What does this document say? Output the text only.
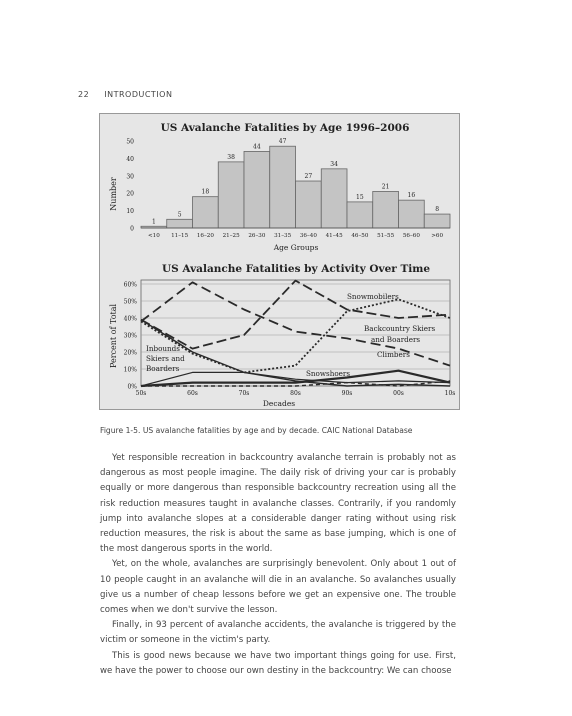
22 INTRODUCTION
US Avalanche Fatalities by Age 1996–2006
Number
Age Groups
0
10
20
30
40
50
1
<10
5
11–15
18
16–20
38
21–25
44
26–30
47
31–35
27
36–40
34
41–45
15
46–50
21
51–55
16
56–60
8
>60
US Avalanche Fatalities by Activity Over Time
Percent of Total
Decades
0%
10%
20%
30%
40%
50%
60%
50s	60s	70s	80s	90s	00s	10s
Snowmobilers
Backcountry Skiers
and Boarders
Climbers
Snowshoers
Inbounds
Skiers and
Boarders
Figure 1-5. US avalanche fatalities by age and by decade. CAIC National Database

Yet responsible recreation in backcountry avalanche terrain is probably not as dangerous as most people imagine. The daily risk of driving your car is probably equally or more dangerous than responsible backcountry recreation using all the risk reduction measures taught in avalanche classes. Contrarily, if you randomly jump into avalanche slopes at a considerable danger rating without using risk reduction measures, the risk is about the same as base jumping, which is one of the most dangerous sports in the world.

Yet, on the whole, avalanches are surprisingly benevolent. Only about 1 out of 10 people caught in an avalanche will die in an avalanche. So avalanches usually give us a number of cheap lessons before we get an expensive one. The trouble comes when we don't survive the lesson.

Finally, in 93 percent of avalanche accidents, the avalanche is triggered by the victim or someone in the victim's party.

This is good news because we have two important things going for use. First, we have the power to choose our own destiny in the backcountry: We can choose
